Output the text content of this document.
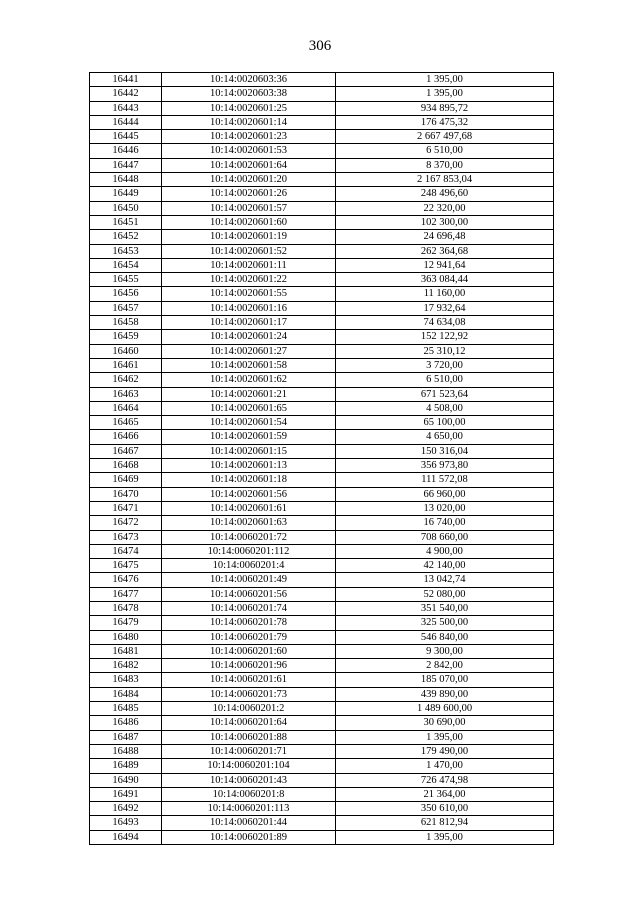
306
16441	10:14:0020603:36	1 395,00
16442	10:14:0020603:38	1 395,00
16443	10:14:0020601:25	934 895,72
16444	10:14:0020601:14	176 475,32
16445	10:14:0020601:23	2 667 497,68
16446	10:14:0020601:53	6 510,00
16447	10:14:0020601:64	8 370,00
16448	10:14:0020601:20	2 167 853,04
16449	10:14:0020601:26	248 496,60
16450	10:14:0020601:57	22 320,00
16451	10:14:0020601:60	102 300,00
16452	10:14:0020601:19	24 696,48
16453	10:14:0020601:52	262 364,68
16454	10:14:0020601:11	12 941,64
16455	10:14:0020601:22	363 084,44
16456	10:14:0020601:55	11 160,00
16457	10:14:0020601:16	17 932,64
16458	10:14:0020601:17	74 634,08
16459	10:14:0020601:24	152 122,92
16460	10:14:0020601:27	25 310,12
16461	10:14:0020601:58	3 720,00
16462	10:14:0020601:62	6 510,00
16463	10:14:0020601:21	671 523,64
16464	10:14:0020601:65	4 508,00
16465	10:14:0020601:54	65 100,00
16466	10:14:0020601:59	4 650,00
16467	10:14:0020601:15	150 316,04
16468	10:14:0020601:13	356 973,80
16469	10:14:0020601:18	111 572,08
16470	10:14:0020601:56	66 960,00
16471	10:14:0020601:61	13 020,00
16472	10:14:0020601:63	16 740,00
16473	10:14:0060201:72	708 660,00
16474	10:14:0060201:112	4 900,00
16475	10:14:0060201:4	42 140,00
16476	10:14:0060201:49	13 042,74
16477	10:14:0060201:56	52 080,00
16478	10:14:0060201:74	351 540,00
16479	10:14:0060201:78	325 500,00
16480	10:14:0060201:79	546 840,00
16481	10:14:0060201:60	9 300,00
16482	10:14:0060201:96	2 842,00
16483	10:14:0060201:61	185 070,00
16484	10:14:0060201:73	439 890,00
16485	10:14:0060201:2	1 489 600,00
16486	10:14:0060201:64	30 690,00
16487	10:14:0060201:88	1 395,00
16488	10:14:0060201:71	179 490,00
16489	10:14:0060201:104	1 470,00
16490	10:14:0060201:43	726 474,98
16491	10:14:0060201:8	21 364,00
16492	10:14:0060201:113	350 610,00
16493	10:14:0060201:44	621 812,94
16494	10:14:0060201:89	1 395,00
